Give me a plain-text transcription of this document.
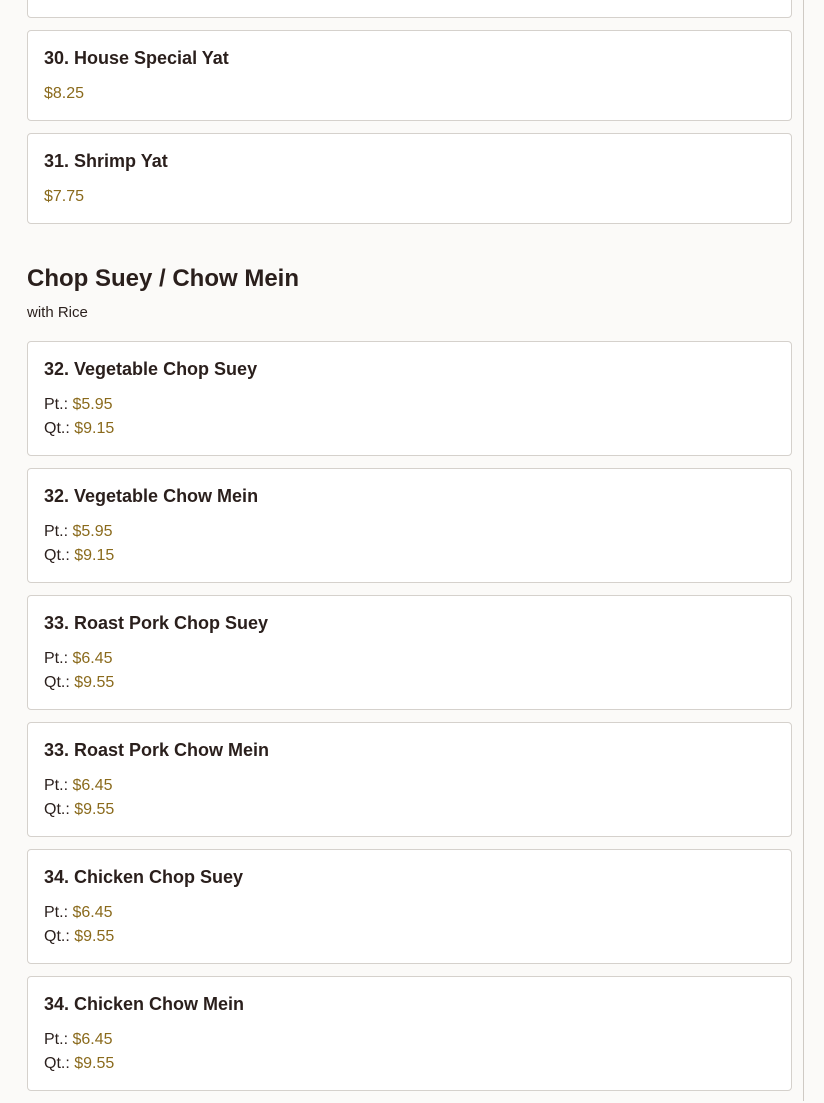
30. House Special Yat
$8.25
31. Shrimp Yat
$7.75
Chop Suey / Chow Mein
with Rice
32. Vegetable Chop Suey
Pt.: $5.95
Qt.: $9.15
32. Vegetable Chow Mein
Pt.: $5.95
Qt.: $9.15
33. Roast Pork Chop Suey
Pt.: $6.45
Qt.: $9.55
33. Roast Pork Chow Mein
Pt.: $6.45
Qt.: $9.55
34. Chicken Chop Suey
Pt.: $6.45
Qt.: $9.55
34. Chicken Chow Mein
Pt.: $6.45
Qt.: $9.55
